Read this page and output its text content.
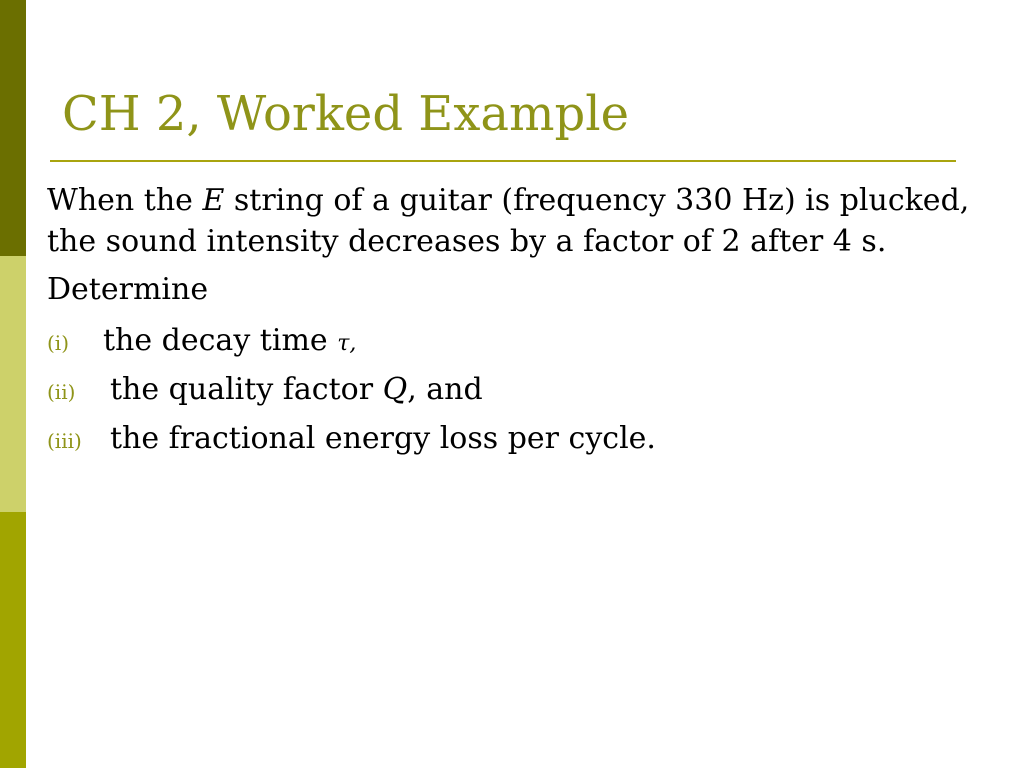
CH 2, Worked Example

When the E string of a guitar (frequency 330 Hz) is plucked, the sound intensity decreases by a factor of 2 after 4 s.

Determine

(i) the decay time τ,
(ii) the quality factor Q, and
(iii) the fractional energy loss per cycle.
